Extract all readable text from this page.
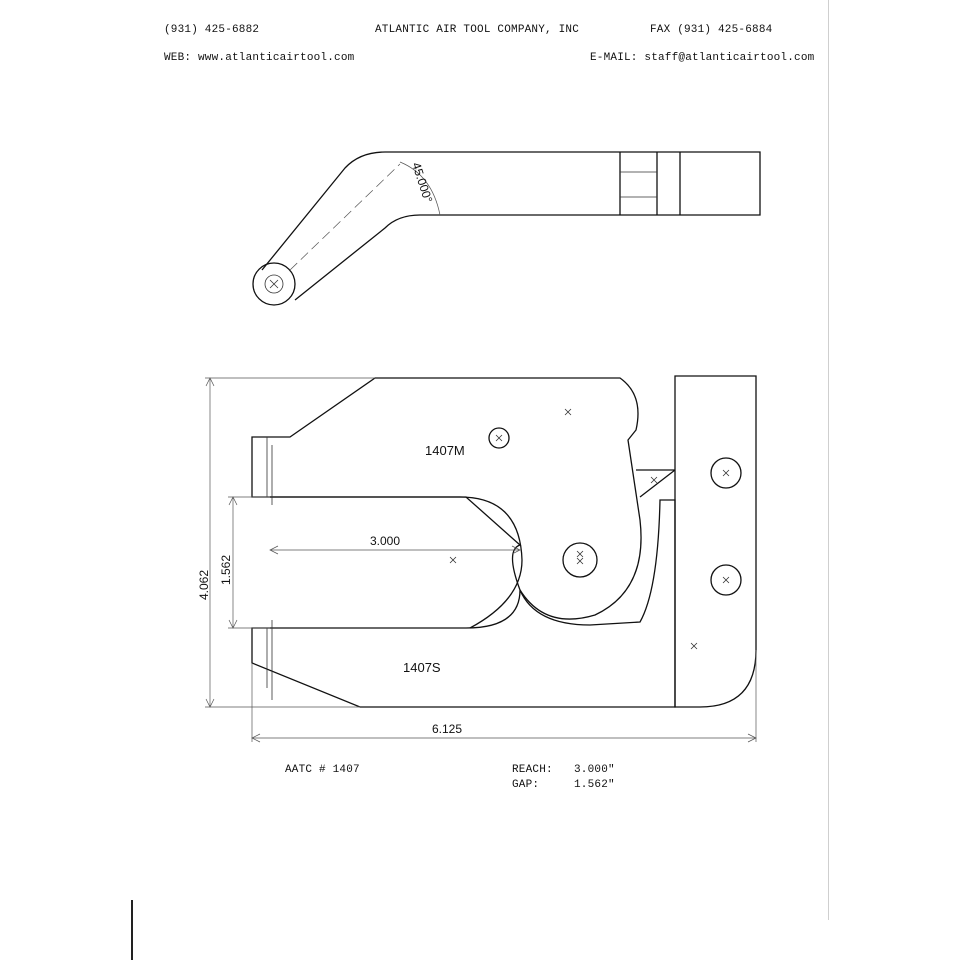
(931) 425-6882	ATLANTIC AIR TOOL COMPANY, INC	FAX (931) 425-6884
WEB: www.atlanticairtool.com	E-MAIL: staff@atlanticairtool.com
45.000°
1407M
1407S
4.062 1.562
3.000
6.125
AATC # 1407	REACH: 3.000"
GAP:	1.562"
